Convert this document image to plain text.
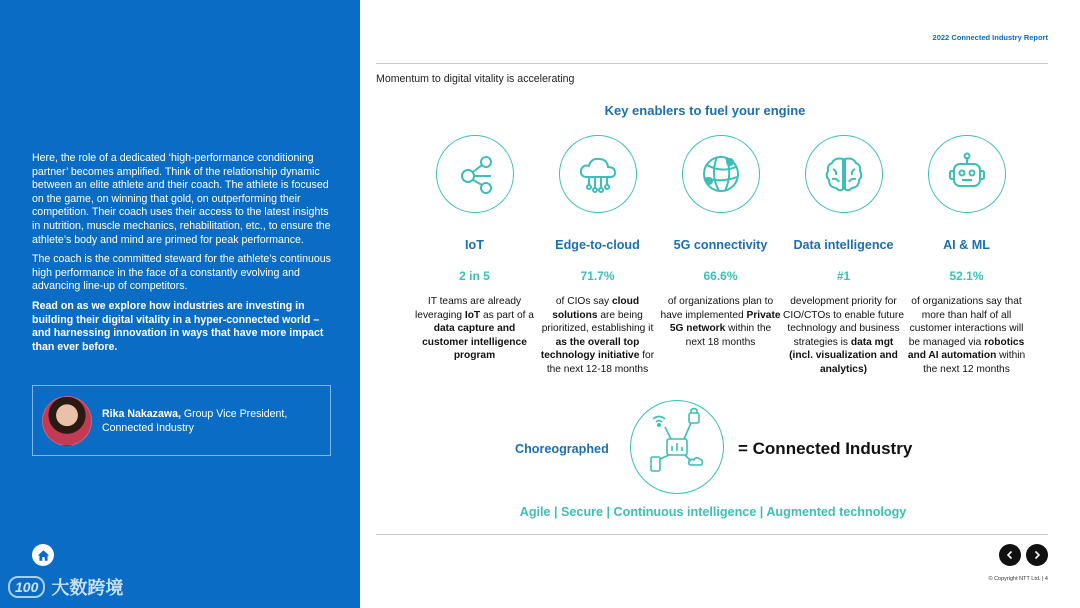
Here, the role of a dedicated ‘high-performance conditioning partner’ becomes amplified. Think of the relationship dynamic between an elite athlete and their coach. The athlete is focused on the game, on winning that gold, on outperforming their competition. Their coach uses their access to the latest insights in nutrition, muscle mechanics, rehabilitation, etc., to ensure the athlete’s body and mind are primed for peak performance.

The coach is the committed steward for the athlete’s continuous high performance in the face of a constantly evolving and advancing line-up of competitors.

Read on as we explore how industries are investing in building their digital vitality in a hyper-connected world – and harnessing innovation in ways that have more impact than ever before.

Rika Nakazawa, Group Vice President,
Connected Industry
100 大数跨境
2022 Connected Industry Report
Momentum to digital vitality is accelerating
Key enablers to fuel your engine
IoT
2 in 5
IT teams are already leveraging IoT as part of a data capture and customer intelligence program
Edge-to-cloud
71.7%
of CIOs say cloud solutions are being prioritized, establishing it as the overall top technology initiative for the next 12-18 months
5G connectivity
66.6%
of organizations plan to have implemented Private 5G network within the next 18 months
Data intelligence
#1
development priority for CIO/CTOs to enable future technology and business strategies is data mgt (incl. visualization and analytics)
AI & ML
52.1%
of organizations say that more than half of all customer interactions will be managed via robotics and AI automation within the next 12 months
Choreographed	= Connected Industry
Agile | Secure | Continuous intelligence | Augmented technology
© Copyright NTT Ltd. | 4
